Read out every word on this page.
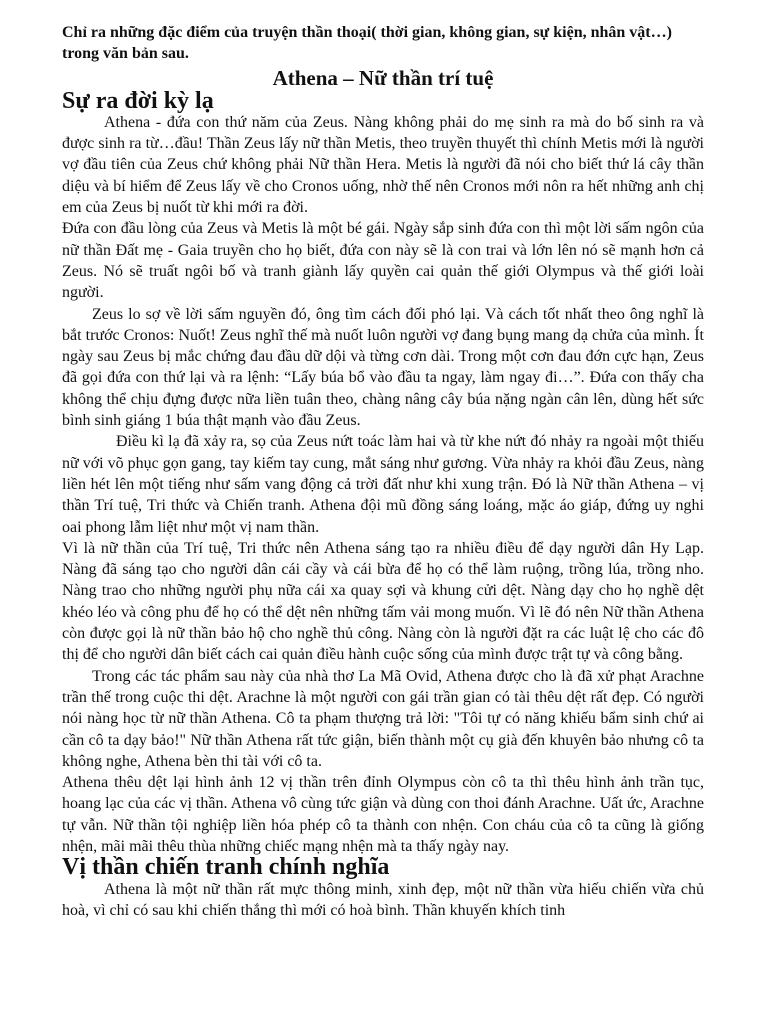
Chỉ ra những đặc điểm của truyện thần thoại( thời gian, không gian, sự kiện, nhân vật…) trong văn bản sau.

Athena – Nữ thần trí tuệ
Sự ra đời kỳ lạ

Athena - đứa con thứ năm của Zeus. Nàng không phải do mẹ sinh ra mà do bố sinh ra và được sinh ra từ…đầu! Thần Zeus lấy nữ thần Metis, theo truyền thuyết thì chính Metis mới là người vợ đầu tiên của Zeus chứ không phải Nữ thần Hera. Metis là người đã nói cho biết thứ lá cây thần diệu và bí hiểm để Zeus lấy về cho Cronos uống, nhờ thế nên Cronos mới nôn ra hết những anh chị em của Zeus bị nuốt từ khi mới ra đời.

Đứa con đầu lòng của Zeus và Metis là một bé gái. Ngày sắp sinh đứa con thì một lời sấm ngôn của nữ thần Đất mẹ - Gaia truyền cho họ biết, đứa con này sẽ là con trai và lớn lên nó sẽ mạnh hơn cả Zeus. Nó sẽ truất ngôi bố và tranh giành lấy quyền cai quản thế giới Olympus và thế giới loài người.

Zeus lo sợ về lời sấm nguyền đó, ông tìm cách đối phó lại. Và cách tốt nhất theo ông nghĩ là bắt trước Cronos: Nuốt! Zeus nghĩ thế mà nuốt luôn người vợ đang bụng mang dạ chửa của mình. Ít ngày sau Zeus bị mắc chứng đau đầu dữ dội và từng cơn dài. Trong một cơn đau đớn cực hạn, Zeus đã gọi đứa con thứ lại và ra lệnh: “Lấy búa bổ vào đầu ta ngay, làm ngay đi…”. Đứa con thấy cha không thể chịu đựng được nữa liền tuân theo, chàng nâng cây búa nặng ngàn cân lên, dùng hết sức bình sinh giáng 1 búa thật mạnh vào đầu Zeus.

Điều kì lạ đã xảy ra, sọ của Zeus nứt toác làm hai và từ khe nứt đó nhảy ra ngoài một thiếu nữ với võ phục gọn gang, tay kiếm tay cung, mắt sáng như gương. Vừa nhảy ra khỏi đầu Zeus, nàng liền hét lên một tiếng như sấm vang động cả trời đất như khi xung trận. Đó là Nữ thần Athena – vị thần Trí tuệ, Tri thức và Chiến tranh. Athena đội mũ đồng sáng loáng, mặc áo giáp, đứng uy nghi oai phong lẫm liệt như một vị nam thần.

Vì là nữ thần của Trí tuệ, Tri thức nên Athena sáng tạo ra nhiều điều để dạy người dân Hy Lạp. Nàng đã sáng tạo cho người dân cái cầy và cái bừa để họ có thể làm ruộng, trồng lúa, trồng nho. Nàng trao cho những người phụ nữa cái xa quay sợi và khung cửi dệt. Nàng dạy cho họ nghề dệt khéo léo và công phu để họ có thể dệt nên những tấm vải mong muốn. Vì lẽ đó nên Nữ thần Athena còn được gọi là nữ thần bảo hộ cho nghề thủ công. Nàng còn là người đặt ra các luật lệ cho các đô thị để cho người dân biết cách cai quản điều hành cuộc sống của mình được trật tự và công bằng.

Trong các tác phẩm sau này của nhà thơ La Mã Ovid, Athena được cho là đã xử phạt Arachne trần thế trong cuộc thi dệt. Arachne là một người con gái trần gian có tài thêu dệt rất đẹp. Có người nói nàng học từ nữ thần Athena. Cô ta phạm thượng trả lời: "Tôi tự có năng khiếu bẩm sinh chứ ai cần cô ta dạy bảo!" Nữ thần Athena rất tức giận, biến thành một cụ già đến khuyên bảo nhưng cô ta không nghe, Athena bèn thi tài với cô ta.

Athena thêu dệt lại hình ảnh 12 vị thần trên đỉnh Olympus còn cô ta thì thêu hình ảnh trần tục, hoang lạc của các vị thần. Athena vô cùng tức giận và dùng con thoi đánh Arachne. Uất ức, Arachne tự vẫn. Nữ thần tội nghiệp liền hóa phép cô ta thành con nhện. Con cháu của cô ta cũng là giống nhện, mãi mãi thêu thùa những chiếc mạng nhện mà ta thấy ngày nay.

Vị thần chiến tranh chính nghĩa

Athena là một nữ thần rất mực thông minh, xinh đẹp, một nữ thần vừa hiếu chiến vừa chủ hoà, vì chỉ có sau khi chiến thắng thì mới có hoà bình. Thần khuyến khích tinh
